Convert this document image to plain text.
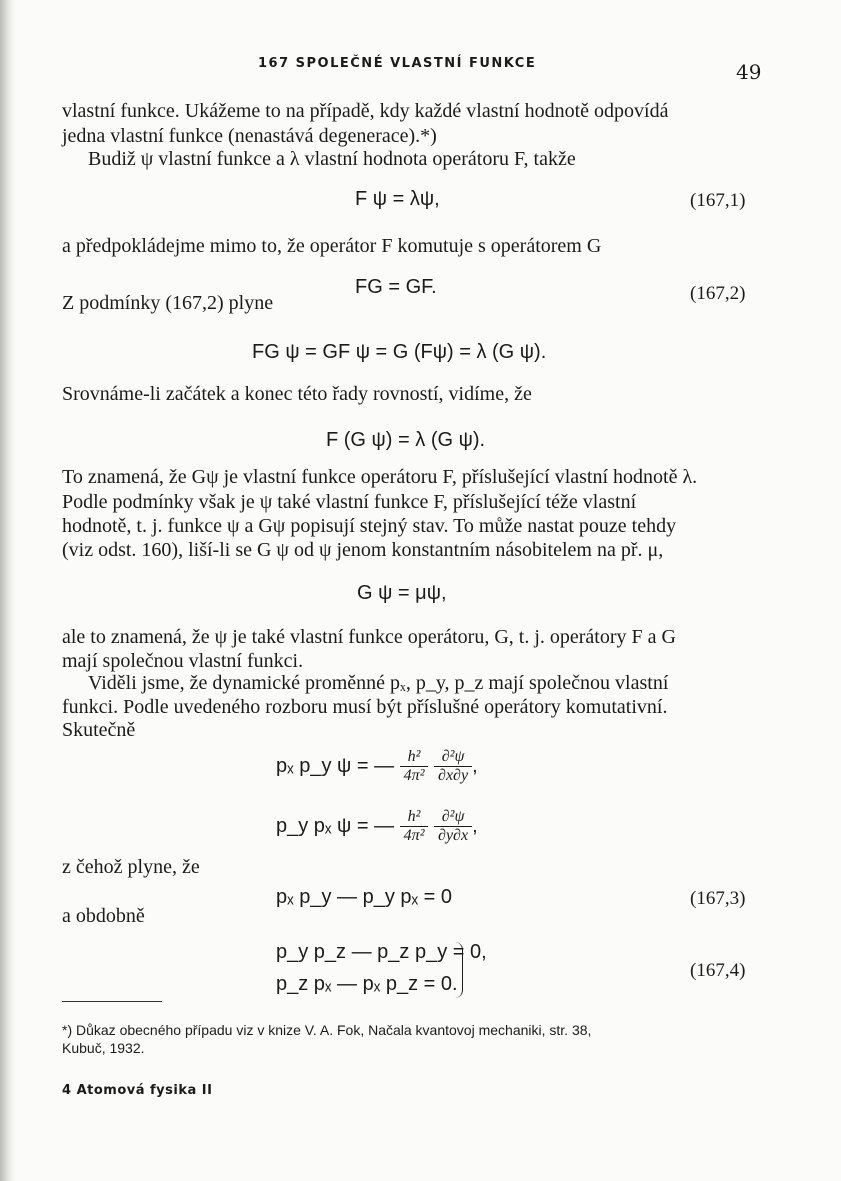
167 SPOLEČNÉ VLASTNÍ FUNKCE	49
vlastní funkce. Ukážeme to na případě, kdy každé vlastní hodnotě odpovídá
jedna vlastní funkce (nenastává degenerace).*)
Budiž ψ vlastní funkce a λ vlastní hodnota operátoru F, takže
F ψ = λψ,	(167,1)
a předpokládejme mimo to, že operátor F komutuje s operátorem G
FG = GF.	(167,2)
Z podmínky (167,2) plyne
FG ψ = GF ψ = G (Fψ) = λ (G ψ).
Srovnáme-li začátek a konec této řady rovností, vidíme, že
F (G ψ) = λ (G ψ).
To znamená, že Gψ je vlastní funkce operátoru F, příslušející vlastní hodnotě λ.
Podle podmínky však je ψ také vlastní funkce F, příslušející téže vlastní
hodnotě, t. j. funkce ψ a Gψ popisují stejný stav. To může nastat pouze tehdy
(viz odst. 160), liší-li se G ψ od ψ jenom konstantním násobitelem na př. μ,
G ψ = μψ,
ale to znamená, že ψ je také vlastní funkce operátoru, G, t. j. operátory F a G
mají společnou vlastní funkci.
Viděli jsme, že dynamické proměnné pₓ, p_y, p_z mají společnou vlastní
funkci. Podle uvedeného rozboru musí být příslušné operátory komutativní.
Skutečně
pₓ p_y ψ = — $\frac{\text{h²}}{\text{4π²}}$
$\frac{\text{∂²ψ}}{\partial x\partial y}$ ,
p_y pₓ ψ = — $\frac{\text{h²}}{\text{4π²}}$
$\frac{\text{∂²ψ}}{\partial y\partial x}$ ,
z čehož plyne, že
pₓ p_y — p_y pₓ = 0	(167,3)
a obdobně
p_y p_z — p_z p_y = 0,
p_z pₓ — pₓ p_z = 0.
(167,4)
*) Důkaz obecného případu viz v knize V. A. Fok, Načala kvantovoj mechaniki, str. 38,
Kubuč, 1932.
4 Atomová fysika II
